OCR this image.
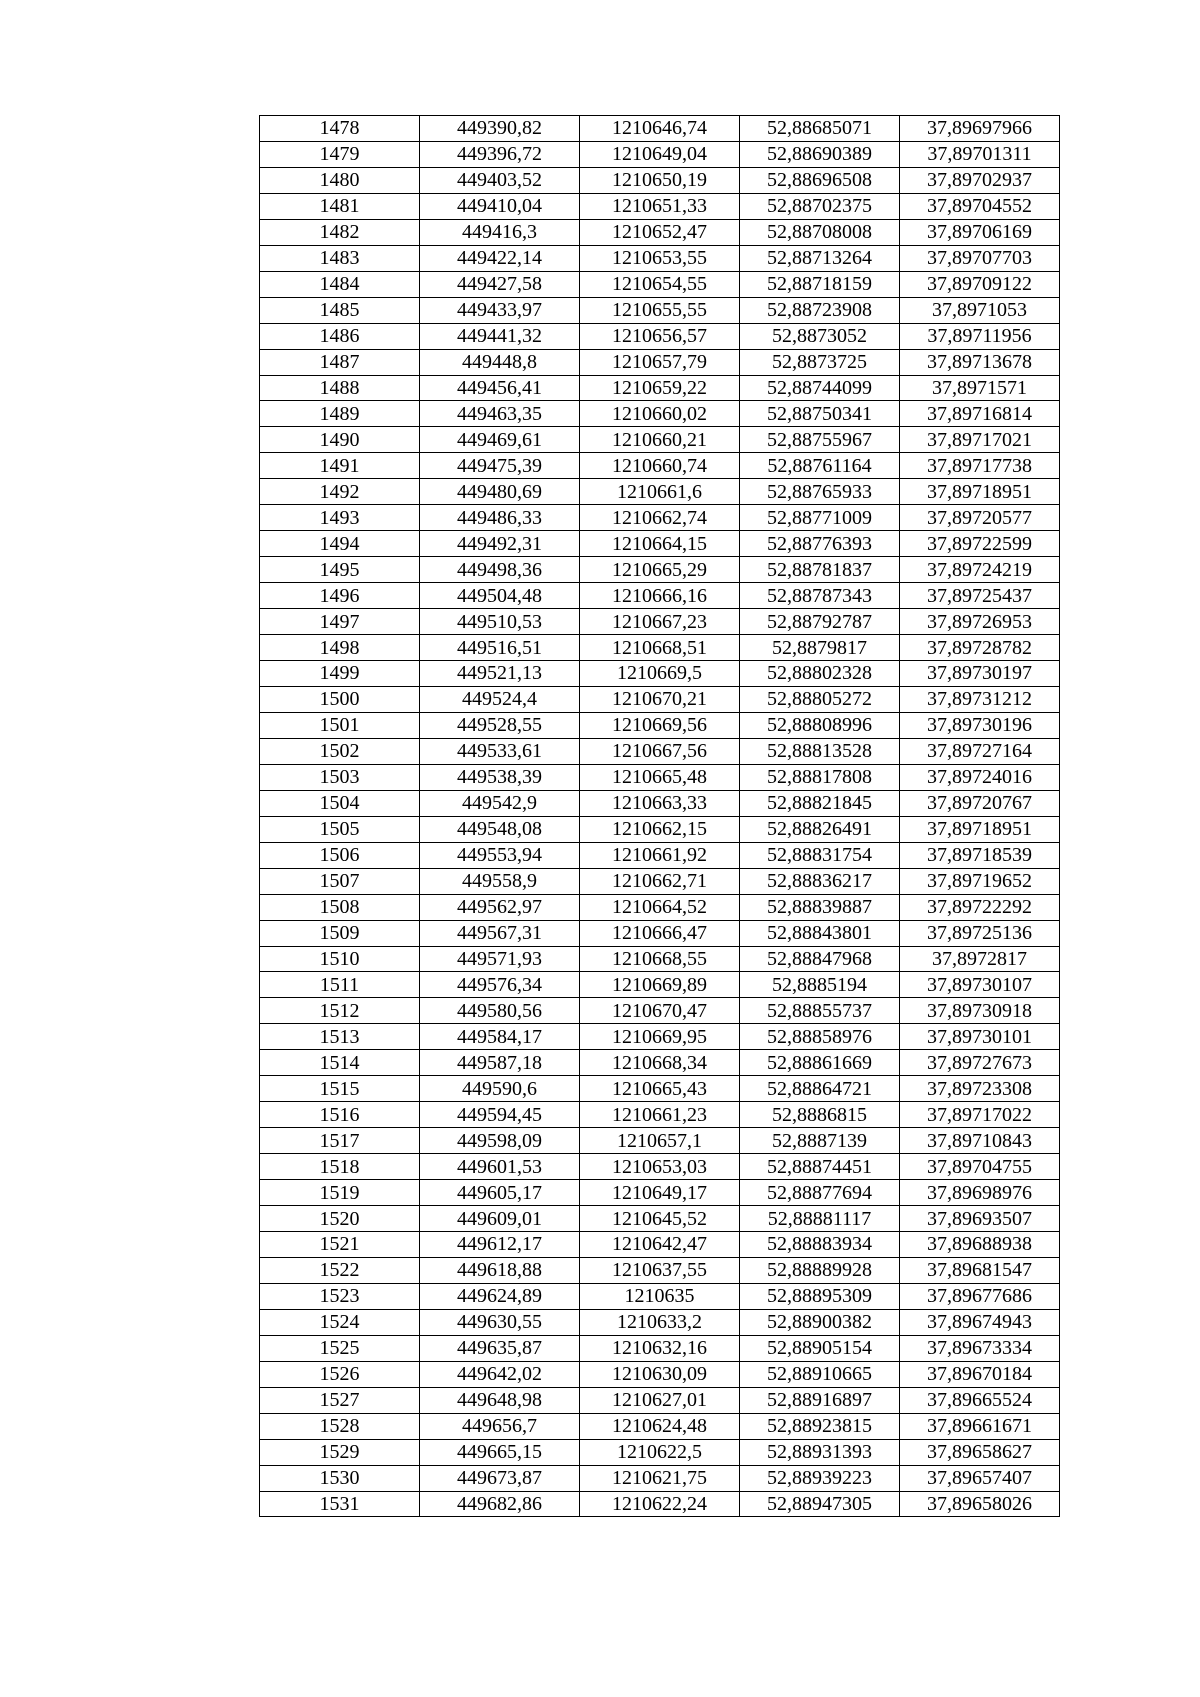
1478	449390,82	1210646,74	52,88685071	37,89697966
1479	449396,72	1210649,04	52,88690389	37,89701311
1480	449403,52	1210650,19	52,88696508	37,89702937
1481	449410,04	1210651,33	52,88702375	37,89704552
1482	449416,3	1210652,47	52,88708008	37,89706169
1483	449422,14	1210653,55	52,88713264	37,89707703
1484	449427,58	1210654,55	52,88718159	37,89709122
1485	449433,97	1210655,55	52,88723908	37,8971053
1486	449441,32	1210656,57	52,8873052	37,89711956
1487	449448,8	1210657,79	52,8873725	37,89713678
1488	449456,41	1210659,22	52,88744099	37,8971571
1489	449463,35	1210660,02	52,88750341	37,89716814
1490	449469,61	1210660,21	52,88755967	37,89717021
1491	449475,39	1210660,74	52,88761164	37,89717738
1492	449480,69	1210661,6	52,88765933	37,89718951
1493	449486,33	1210662,74	52,88771009	37,89720577
1494	449492,31	1210664,15	52,88776393	37,89722599
1495	449498,36	1210665,29	52,88781837	37,89724219
1496	449504,48	1210666,16	52,88787343	37,89725437
1497	449510,53	1210667,23	52,88792787	37,89726953
1498	449516,51	1210668,51	52,8879817	37,89728782
1499	449521,13	1210669,5	52,88802328	37,89730197
1500	449524,4	1210670,21	52,88805272	37,89731212
1501	449528,55	1210669,56	52,88808996	37,89730196
1502	449533,61	1210667,56	52,88813528	37,89727164
1503	449538,39	1210665,48	52,88817808	37,89724016
1504	449542,9	1210663,33	52,88821845	37,89720767
1505	449548,08	1210662,15	52,88826491	37,89718951
1506	449553,94	1210661,92	52,88831754	37,89718539
1507	449558,9	1210662,71	52,88836217	37,89719652
1508	449562,97	1210664,52	52,88839887	37,89722292
1509	449567,31	1210666,47	52,88843801	37,89725136
1510	449571,93	1210668,55	52,88847968	37,8972817
1511	449576,34	1210669,89	52,8885194	37,89730107
1512	449580,56	1210670,47	52,88855737	37,89730918
1513	449584,17	1210669,95	52,88858976	37,89730101
1514	449587,18	1210668,34	52,88861669	37,89727673
1515	449590,6	1210665,43	52,88864721	37,89723308
1516	449594,45	1210661,23	52,8886815	37,89717022
1517	449598,09	1210657,1	52,8887139	37,89710843
1518	449601,53	1210653,03	52,88874451	37,89704755
1519	449605,17	1210649,17	52,88877694	37,89698976
1520	449609,01	1210645,52	52,88881117	37,89693507
1521	449612,17	1210642,47	52,88883934	37,89688938
1522	449618,88	1210637,55	52,88889928	37,89681547
1523	449624,89	1210635	52,88895309	37,89677686
1524	449630,55	1210633,2	52,88900382	37,89674943
1525	449635,87	1210632,16	52,88905154	37,89673334
1526	449642,02	1210630,09	52,88910665	37,89670184
1527	449648,98	1210627,01	52,88916897	37,89665524
1528	449656,7	1210624,48	52,88923815	37,89661671
1529	449665,15	1210622,5	52,88931393	37,89658627
1530	449673,87	1210621,75	52,88939223	37,89657407
1531	449682,86	1210622,24	52,88947305	37,89658026
